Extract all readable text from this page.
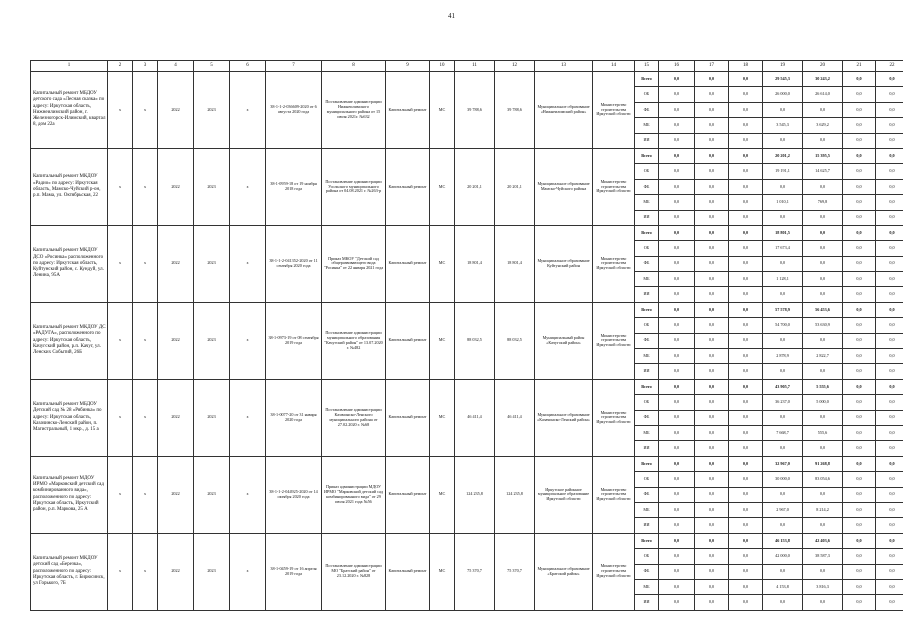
41
1	2	3	4	5	6	7	8	9	10	11	12	13	14	15	16	17	18	19	20	21	22
Капитальный ремонт МБДОУ детского сада «Лесная сказка» по адресу: Иркутская область, Нижнеилимский район, г. Железногорск-Илимский, квартал 8, дом 22а	x	x	2022	2023	x	38-1-1-2-036609-2020 от 6 августа 2020 года	Постановление администрации Нижнеилимского муниципального района от 15 июля 2021г. №632	Капитальный ремонт	МС	39 788,6	39 788,6	Муниципальное образование «Нижнеилимский район»	Министерство строительства Иркутской области	Всего	0,0	0,0	0,0	29 545,3	30 243,2	0,0	0,0
														ОБ	0,0	0,0	0,0	26 000,0	26 614,0	0,0	0,0
														ФБ	0,0	0,0	0,0	0,0	0,0	0,0	0,0
														МБ	0,0	0,0	0,0	3 545,3	3 629,2	0,0	0,0
														ИИ	0,0	0,0	0,0	0,0	0,0	0,0	0,0
Капитальный ремонт МКДОУ «Радио» по адресу: Иркутская область, Мамско-Чуйский р-он, р.п. Мама, ул. Октябрьская, 22	x	x	2022	2023	x	38-1-0959-18 от 19 ноября 2018 года	Постановление администрации Усольского муниципального района от 04.08.2021 г. №263-р	Капитальный ремонт	МС	20 201,1	20 201,1	Муниципальное образование Мамско-Чуйского района	Министерство строительства Иркутской области	Всего	0,0	0,0	0,0	20 201,2	15 395,5	0,0	0,0
														ОБ	0,0	0,0	0,0	19 191,1	14 625,7	0,0	0,0
														ФБ	0,0	0,0	0,0	0,0	0,0	0,0	0,0
														МБ	0,0	0,0	0,0	1 010,1	769,8	0,0	0,0
														ИИ	0,0	0,0	0,0	0,0	0,0	0,0	0,0
Капитальный ремонт МКДОУ ДСО «Росинка» расположенного по адресу: Иркутская область, Куйтунский район, с. Кундуй, ул. Ленина, 95А	x	x	2022	2023	x	38-1-1-2-041352-2020 от 11 сентября 2020 года	Приказ МКОУ "Детский сад общеразвивающего вида "Росинка" от 22 января 2021 года	Капитальный ремонт	МС	18 801,4	18 801,4	Муниципальное образование Куйтунский район	Министерство строительства Иркутской области	Всего	0,0	0,0	0,0	18 801,5	0,0	0,0	0,0
														ОБ	0,0	0,0	0,0	17 673,4	0,0	0,0	0,0
														ФБ	0,0	0,0	0,0	0,0	0,0	0,0	0,0
														МБ	0,0	0,0	0,0	1 128,1	0,0	0,0	0,0
														ИИ	0,0	0,0	0,0	0,0	0,0	0,0	0,0
Капитальный ремонт МКДОУ ДС «РАДУГА», расположенного по адресу: Иркутская область, Качугский район, р.п. Качуг, ул. Ленских Событий, 26Б	x	x	2022	2023	x	38-1-0973-19 от 08 сентября 2019 года	Постановление администрации муниципального образования "Качугский район" от 13.07.2020 г. №482	Капитальный ремонт	МС	88 032,5	88 032,5	Муниципальный район «Качугский район»	Министерство строительства Иркутской области	Всего	0,0	0,0	0,0	57 578,9	56 453,6	0,0	0,0
														ОБ	0,0	0,0	0,0	54 700,0	53 630,9	0,0	0,0
														ФБ	0,0	0,0	0,0	0,0	0,0	0,0	0,0
														МБ	0,0	0,0	0,0	2 878,9	2 822,7	0,0	0,0
														ИИ	0,0	0,0	0,0	0,0	0,0	0,0	0,0
Капитальный ремонт МБДОУ Детский сад № 28 «Рябинка» по адресу: Иркутская область, Казачинско-Ленский район, п. Магистральный, 1 мкр., д. 15 а	x	x	2022	2023	x	38-1-0077-20 от 31 января 2020 года	Постановление администрации Казачинско-Ленского муниципального района от 27.02.2020 г. №68	Капитальный ремонт	МС	46 411,4	46 411,4	Муниципальное образование «Казачинско-Ленский район»	Министерство строительства Иркутской области	Всего	0,0	0,0	0,0	43 905,7	5 555,6	0,0	0,0
														ОБ	0,0	0,0	0,0	36 237,0	5 000,0	0,0	0,0
														ФБ	0,0	0,0	0,0	0,0	0,0	0,0	0,0
														МБ	0,0	0,0	0,0	7 668,7	555,6	0,0	0,0
														ИИ	0,0	0,0	0,0	0,0	0,0	0,0	0,0
Капитальный ремонт МДОУ ИРМО «Марковский детский сад комбинированного вида», расположенного по адресу: Иркутская область, Иркутский район, р.п. Маркова, 25 А	x	x	2022	2023	x	38-1-1-2-044925-2020 от 14 октября 2020 года	Приказ администрации МДОУ ИРМО "Марковский детский сад комбинированного вида" от 29 июля 2021 года №56	Капитальный ремонт	МС	124 235,8	124 235,8	Иркутское районное муниципальное образование Иркутской области	Министерство строительства Иркутской области	Всего	0,0	0,0	0,0	32 967,0	91 268,8	0,0	0,0
														ОБ	0,0	0,0	0,0	30 000,0	83 054,6	0,0	0,0
														ФБ	0,0	0,0	0,0	0,0	0,0	0,0	0,0
														МБ	0,0	0,0	0,0	2 967,0	8 214,2	0,0	0,0
														ИИ	0,0	0,0	0,0	0,0	0,0	0,0	0,0
Капитальный ремонт МКДОУ детский сад «Березка», расположенного по адресу: Иркутская область, г. Бирюсинск, ул Горького, 7Б	x	x	2022	2023	x	38-1-0459-19 от 16 апреля 2019 года	Постановление администрации МО "Братский район" от 23.12.2020 г. №828	Капитальный ремонт	МС	75 370,7	75 370,7	Муниципальное образование «Братский район»	Министерство строительства Иркутской области	Всего	0,0	0,0	0,0	46 153,8	42 403,6	0,0	0,0
														ОБ	0,0	0,0	0,0	42 000,0	38 587,3	0,0	0,0
														ФБ	0,0	0,0	0,0	0,0	0,0	0,0	0,0
														МБ	0,0	0,0	0,0	4 153,8	3 816,3	0,0	0,0
														ИИ	0,0	0,0	0,0	0,0	0,0	0,0	0,0
